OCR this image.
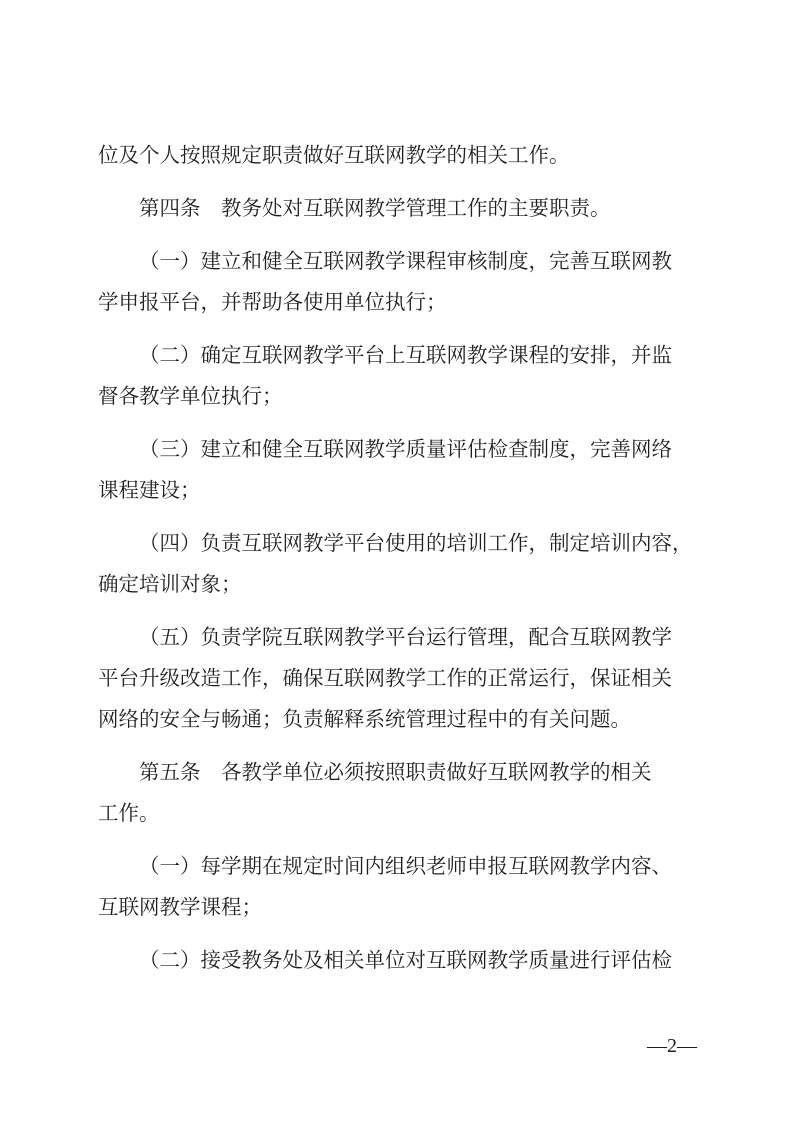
位及个人按照规定职责做好互联网教学的相关工作。
第四条　教务处对互联网教学管理工作的主要职责。
（一）建立和健全互联网教学课程审核制度，完善互联网教
学申报平台，并帮助各使用单位执行；
（二）确定互联网教学平台上互联网教学课程的安排，并监
督各教学单位执行；
（三）建立和健全互联网教学质量评估检查制度，完善网络
课程建设；
（四）负责互联网教学平台使用的培训工作，制定培训内容，
确定培训对象；
（五）负责学院互联网教学平台运行管理，配合互联网教学
平台升级改造工作，确保互联网教学工作的正常运行，保证相关
网络的安全与畅通；负责解释系统管理过程中的有关问题。
第五条　各教学单位必须按照职责做好互联网教学的相关
工作。
（一）每学期在规定时间内组织老师申报互联网教学内容、
互联网教学课程；
（二）接受教务处及相关单位对互联网教学质量进行评估检
—2—
